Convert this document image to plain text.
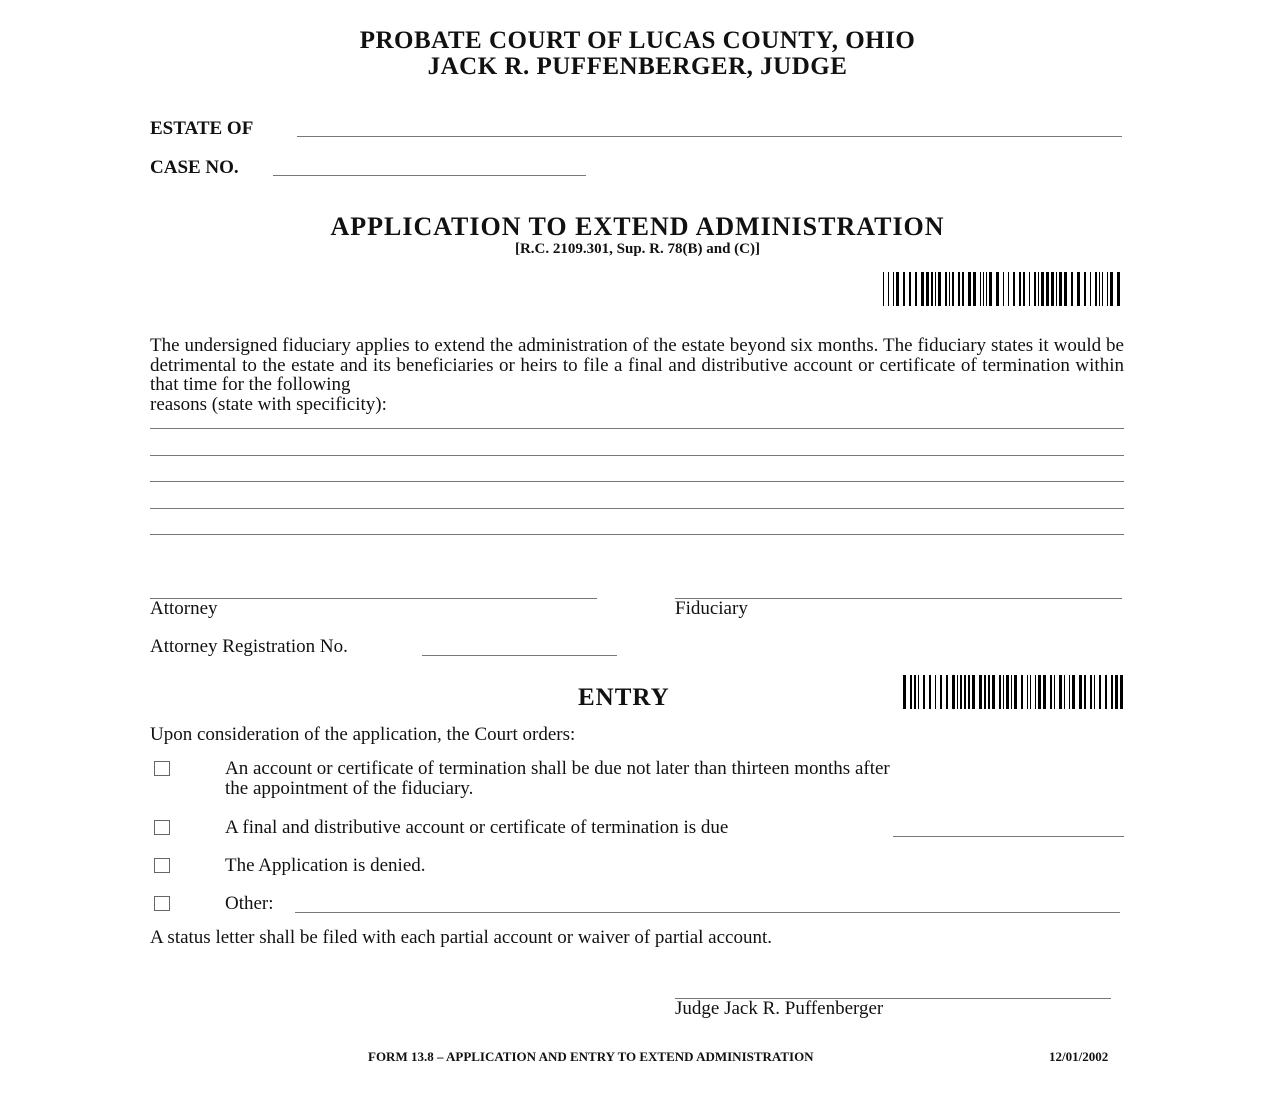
PROBATE COURT OF LUCAS COUNTY, OHIO
JACK R. PUFFENBERGER, JUDGE
ESTATE OF
CASE NO.
APPLICATION TO EXTEND ADMINISTRATION
[R.C. 2109.301, Sup. R. 78(B) and (C)]
The undersigned fiduciary applies to extend the administration of the estate beyond six months. The fiduciary states it would be detrimental to the estate and its beneficiaries or heirs to file a final and distributive account or certificate of termination within that time for the following
reasons (state with specificity):
Attorney	Fiduciary
Attorney Registration No.
ENTRY
Upon consideration of the application, the Court orders:
An account or certificate of termination shall be due not later than thirteen months after
the appointment of the fiduciary.
A final and distributive account or certificate of termination is due
The Application is denied.
Other:
A status letter shall be filed with each partial account or waiver of partial account.
Judge Jack R. Puffenberger
FORM 13.8 – APPLICATION AND ENTRY TO EXTEND ADMINISTRATION	12/01/2002
